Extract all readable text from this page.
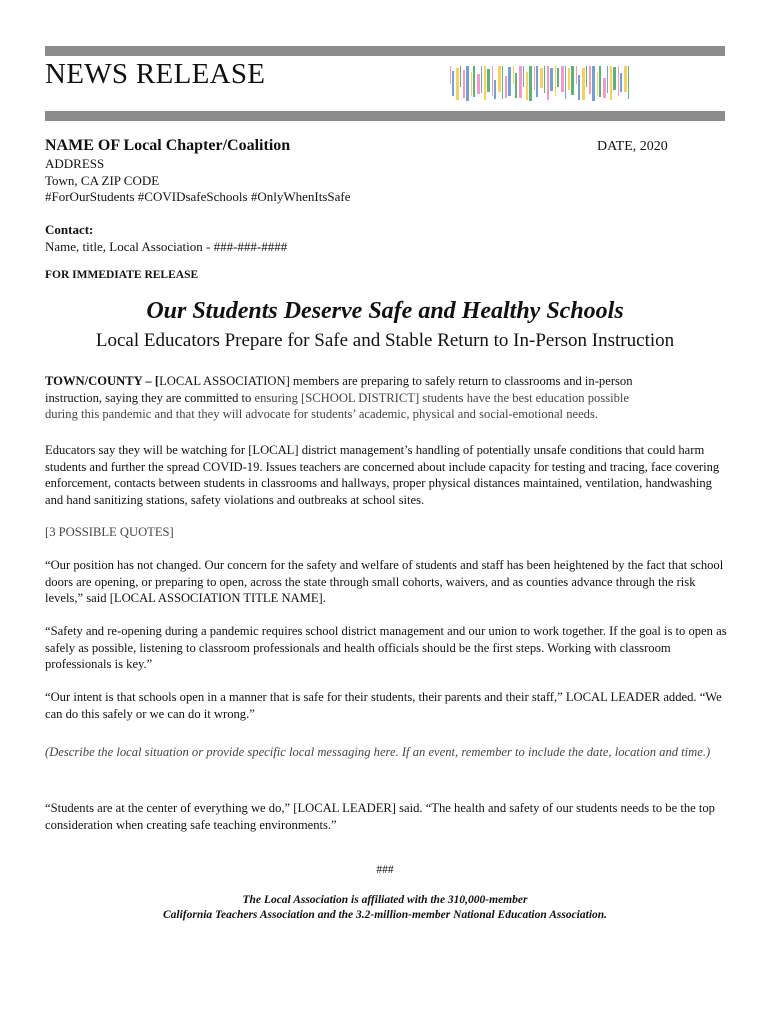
NEWS RELEASE
NAME OF Local Chapter/Coalition	DATE, 2020
ADDRESS
Town, CA ZIP CODE
#ForOurStudents #COVIDsafeSchools #OnlyWhenItsSafe
Contact:
Name, title, Local Association - ###-###-####
FOR IMMEDIATE RELEASE
Our Students Deserve Safe and Healthy Schools
Local Educators Prepare for Safe and Stable Return to In-Person Instruction
TOWN/COUNTY – [LOCAL ASSOCIATION] members are preparing to safely return to classrooms and in-person
instruction, saying they are committed to ensuring [SCHOOL DISTRICT] students have the best education possible
during this pandemic and that they will advocate for students’ academic, physical and social-emotional needs.
Educators say they will be watching for [LOCAL] district management’s handling of potentially unsafe conditions that could harm students and further the spread COVID-19. Issues teachers are concerned about include capacity for testing and tracing, face covering enforcement, contacts between students in classrooms and hallways, proper physical distances maintained, ventilation, handwashing and hand sanitizing stations, safety violations and outbreaks at school sites.
[3 POSSIBLE QUOTES]
“Our position has not changed. Our concern for the safety and welfare of students and staff has been heightened by the fact that school doors are opening, or preparing to open, across the state through small cohorts, waivers, and as counties advance through the risk levels,” said [LOCAL ASSOCIATION TITLE NAME].
“Safety and re-opening during a pandemic requires school district management and our union to work together. If the goal is to open as safely as possible, listening to classroom professionals and health officials should be the first steps. Working with classroom professionals is key.”
“Our intent is that schools open in a manner that is safe for their students, their parents and their staff,” LOCAL LEADER added. “We can do this safely or we can do it wrong.”
(Describe the local situation or provide specific local messaging here. If an event, remember to include the date, location and time.)
“Students are at the center of everything we do,” [LOCAL LEADER] said. “The health and safety of our students needs to be the top consideration when creating safe teaching environments.”
###
The Local Association is affiliated with the 310,000-member
California Teachers Association and the 3.2-million-member National Education Association.
